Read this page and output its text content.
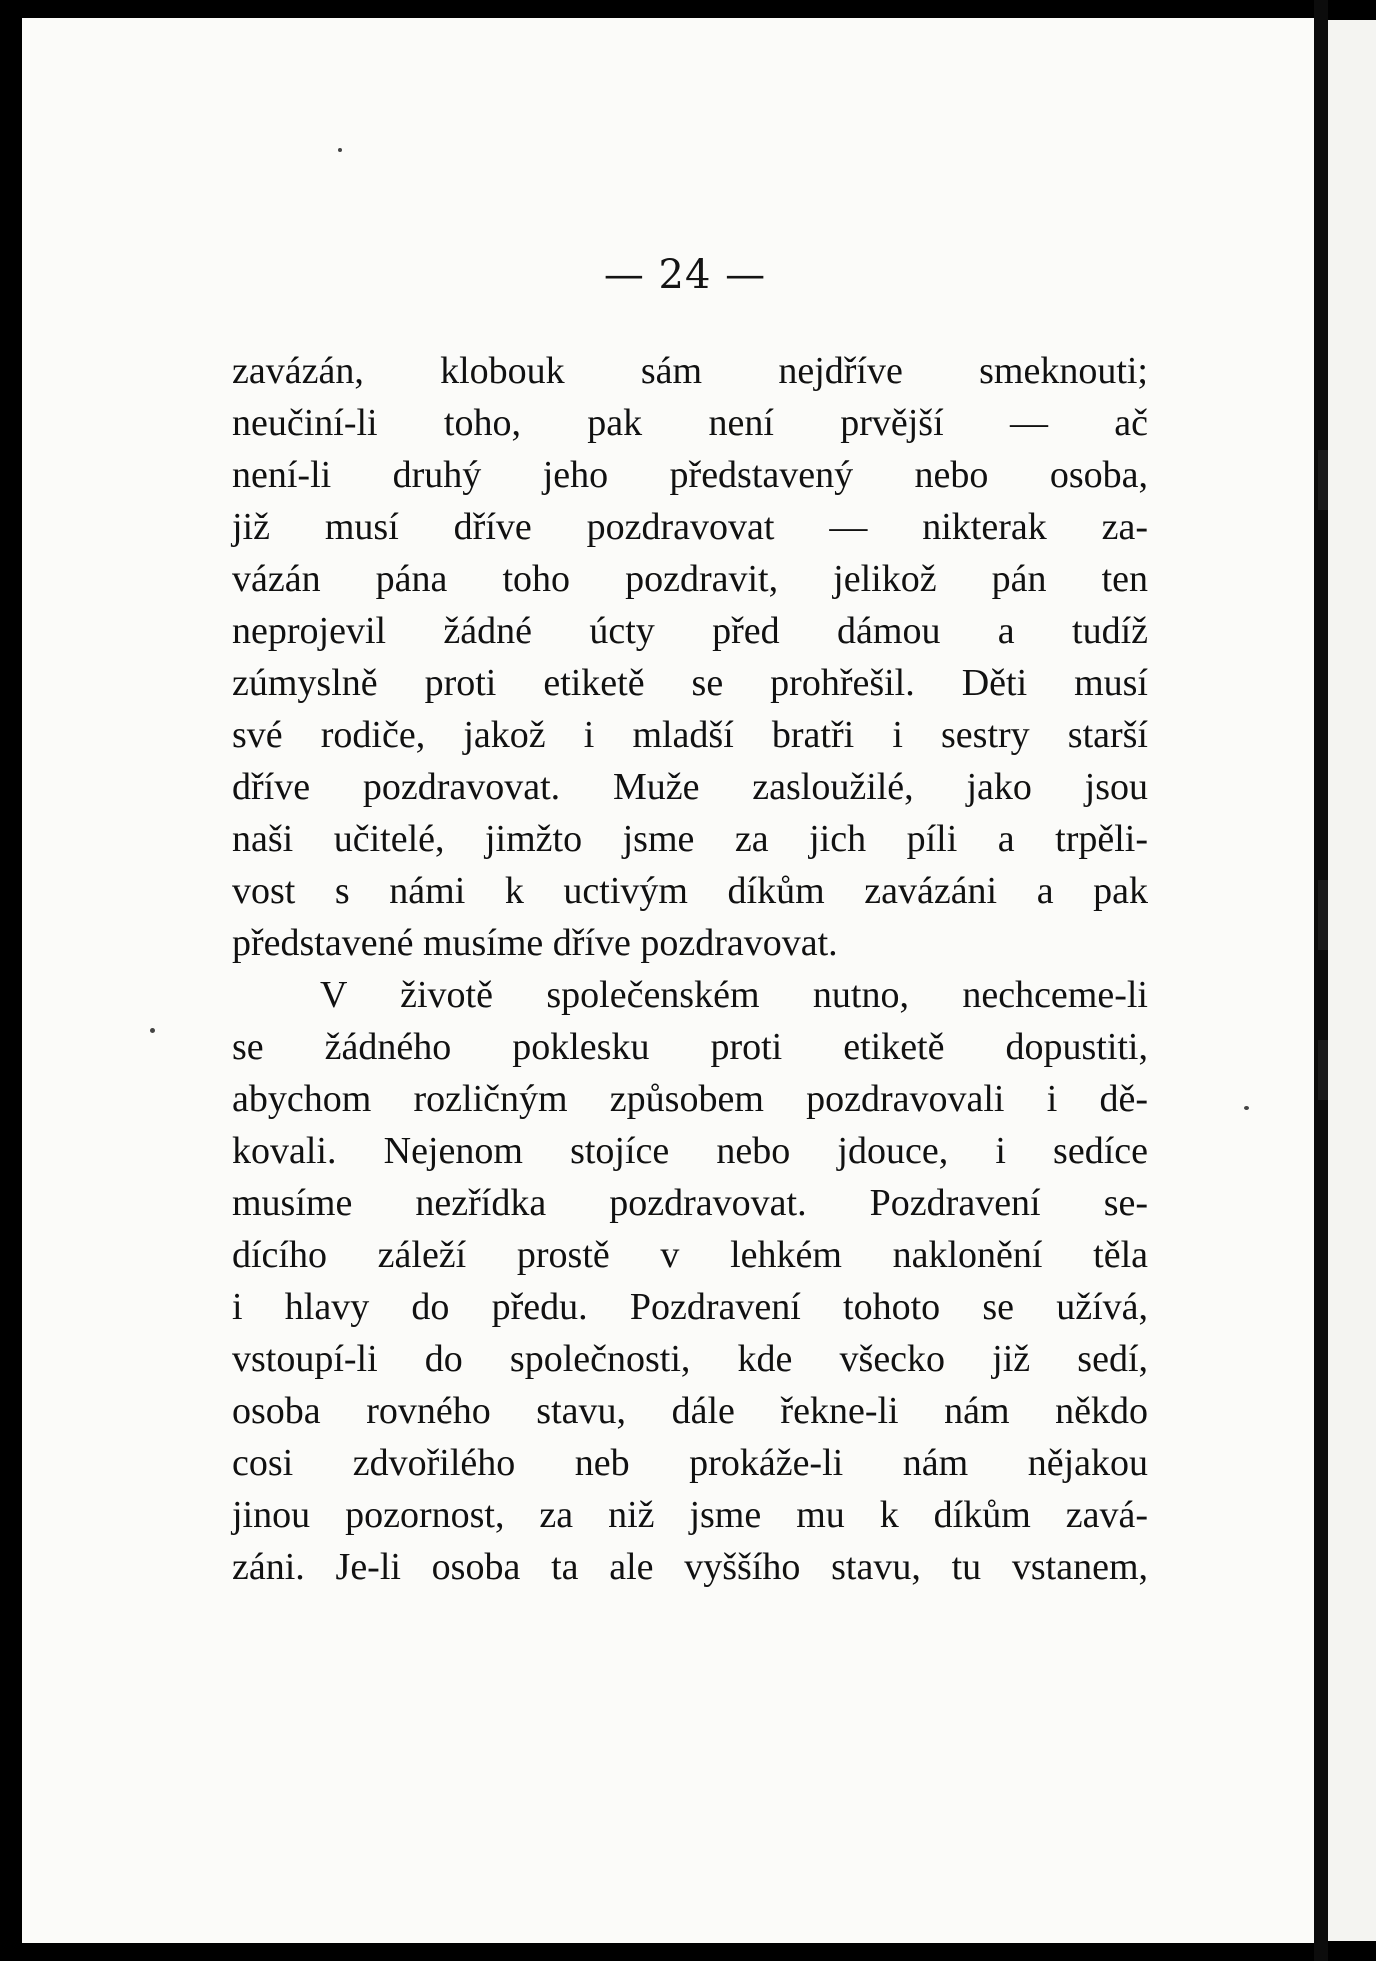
— 24 —
zavázán, klobouk sám nejdříve smeknouti;
neučiní-li toho, pak není prvější — ač
není-li druhý jeho představený nebo osoba,
již musí dříve pozdravovat — nikterak za-
vázán pána toho pozdravit, jelikož pán ten
neprojevil žádné úcty před dámou a tudíž
zúmyslně proti etiketě se prohřešil. Děti musí
své rodiče, jakož i mladší bratři i sestry starší
dříve pozdravovat. Muže zasloužilé, jako jsou
naši učitelé, jimžto jsme za jich píli a trpěli-
vost s námi k uctivým díkům zavázáni a pak
představené musíme dříve pozdravovat.
V životě společenském nutno, nechceme-li
se žádného poklesku proti etiketě dopustiti,
abychom rozličným způsobem pozdravovali i dě-
kovali. Nejenom stojíce nebo jdouce, i sedíce
musíme nezřídka pozdravovat. Pozdravení se-
dícího záleží prostě v lehkém naklonění těla
i hlavy do předu. Pozdravení tohoto se užívá,
vstoupí-li do společnosti, kde všecko již sedí,
osoba rovného stavu, dále řekne-li nám někdo
cosi zdvořilého neb prokáže-li nám nějakou
jinou pozornost, za niž jsme mu k díkům zavá-
záni. Je-li osoba ta ale vyššího stavu, tu vstanem,
